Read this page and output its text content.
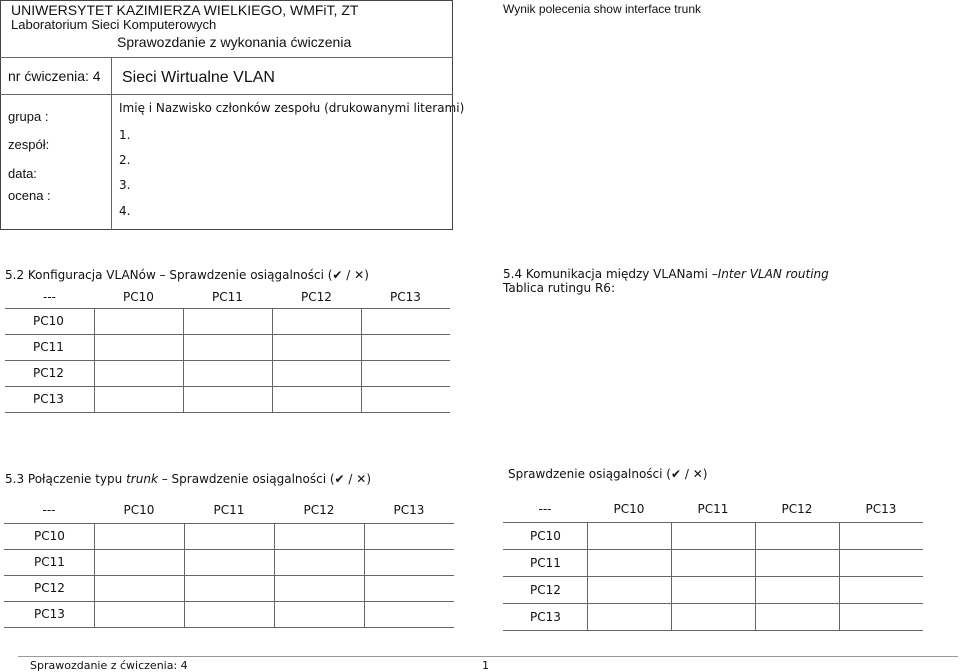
UNIWERSYTET KAZIMIERZA WIELKIEGO, WMFiT, ZT
Laboratorium Sieci Komputerowych
Sprawozdanie z wykonania ćwiczenia
nr ćwiczenia: 4 Sieci Wirtualne VLAN
grupa :
zespół:
data:
ocena :
Imię i Nazwisko członków zespołu (drukowanymi literami)
1.
2.
3.
4.
Wynik polecenia show interface trunk
5.2 Konfiguracja VLANów – Sprawdzenie osiągalności (✔ / ✕)
---	PC10	PC11	PC12	PC13
PC10
PC11
PC12
PC13
5.4 Komunikacja między VLANami –Inter VLAN routing
Tablica rutingu R6:
5.3 Połączenie typu trunk – Sprawdzenie osiągalności (✔ / ✕)
---	PC10	PC11	PC12	PC13
PC10
PC11
PC12
PC13
Sprawdzenie osiągalności (✔ / ✕)
---	PC10	PC11	PC12	PC13
PC10
PC11
PC12
PC13
Sprawozdanie z ćwiczenia: 4	1
